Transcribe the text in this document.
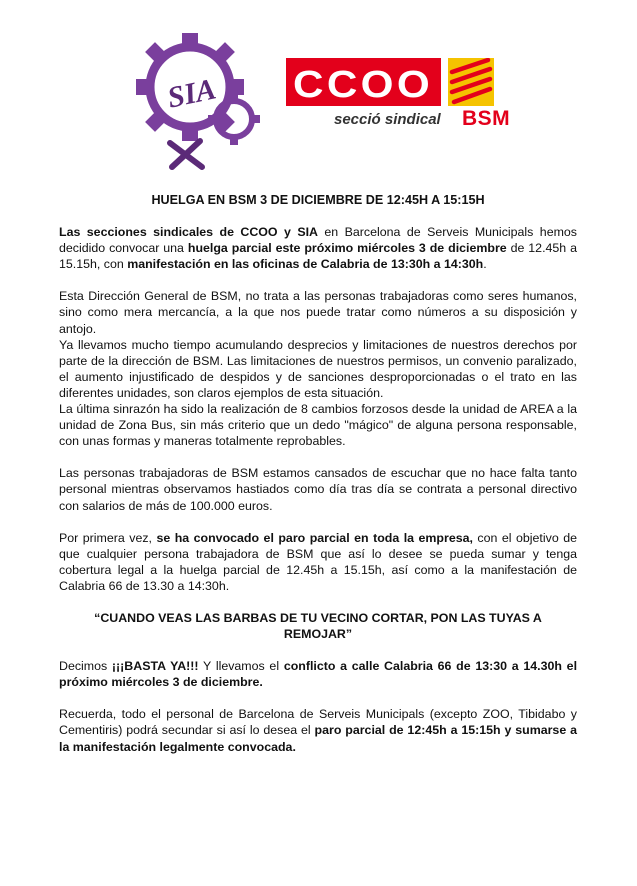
SIA CCOO
secció sindical BSM
HUELGA EN BSM 3 DE DICIEMBRE DE 12:45H A 15:15H

Las secciones sindicales de CCOO y SIA en Barcelona de Serveis Municipals hemos decidido convocar una huelga parcial este próximo miércoles 3 de diciembre de 12.45h a 15.15h, con manifestación en las oficinas de Calabria de 13:30h a 14:30h.

Esta Dirección General de BSM, no trata a las personas trabajadoras como seres humanos, sino como mera mercancía, a la que nos puede tratar como números a su disposición y antojo.

Ya llevamos mucho tiempo acumulando desprecios y limitaciones de nuestros derechos por parte de la dirección de BSM. Las limitaciones de nuestros permisos, un convenio paralizado, el aumento injustificado de despidos y de sanciones desproporcionadas o el trato en las diferentes unidades, son claros ejemplos de esta situación.

La última sinrazón ha sido la realización de 8 cambios forzosos desde la unidad de AREA a la unidad de Zona Bus, sin más criterio que un dedo "mágico" de alguna persona responsable, con unas formas y maneras totalmente reprobables.

Las personas trabajadoras de BSM estamos cansados de escuchar que no hace falta tanto personal mientras observamos hastiados como día tras día se contrata a personal directivo con salarios de más de 100.000 euros.

Por primera vez, se ha convocado el paro parcial en toda la empresa, con el objetivo de que cualquier persona trabajadora de BSM que así lo desee se pueda sumar y tenga cobertura legal a la huelga parcial de 12.45h a 15.15h, así como a la manifestación de Calabria 66 de 13.30 a 14:30h.

“CUANDO VEAS LAS BARBAS DE TU VECINO CORTAR, PON LAS TUYAS A REMOJAR”

Decimos ¡¡¡BASTA YA!!! Y llevamos el conflicto a calle Calabria 66 de 13:30 a 14.30h el próximo miércoles 3 de diciembre.

Recuerda, todo el personal de Barcelona de Serveis Municipals (excepto ZOO, Tibidabo y Cementiris) podrá secundar si así lo desea el paro parcial de 12:45h a 15:15h y sumarse a la manifestación legalmente convocada.
